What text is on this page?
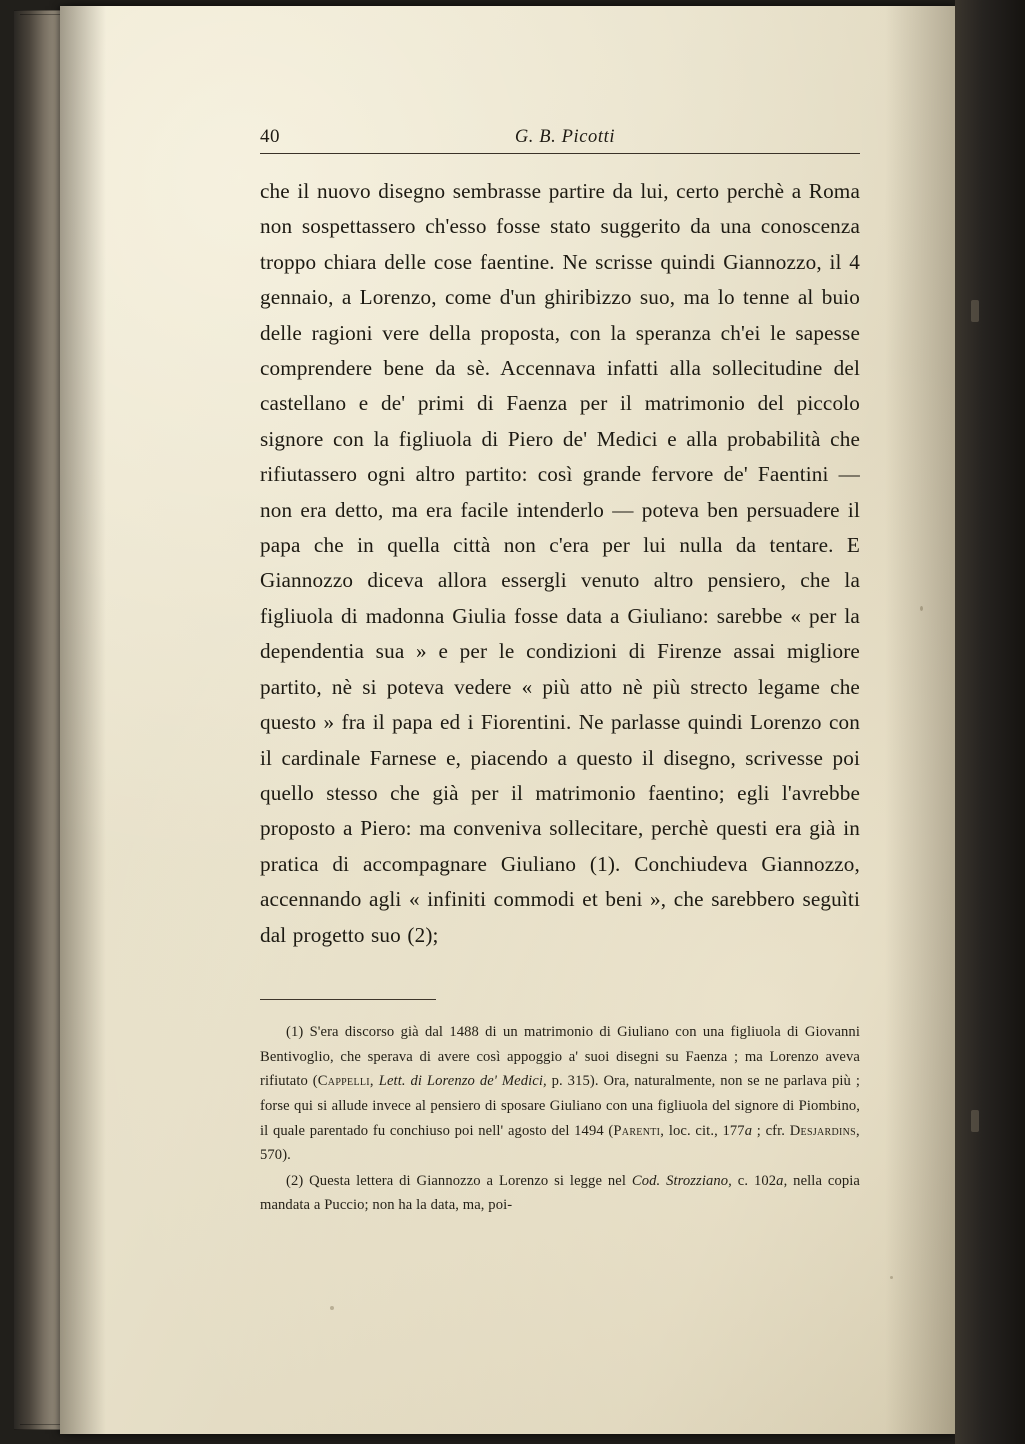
40	G. B. Picotti

che il nuovo disegno sembrasse partire da lui, certo perchè a Roma non sospettassero ch'esso fosse stato suggerito da una conoscenza troppo chiara delle cose faentine. Ne scrisse quindi Giannozzo, il 4 gennaio, a Lorenzo, come d'un ghiribizzo suo, ma lo tenne al buio delle ragioni vere della proposta, con la speranza ch'ei le sapesse comprendere bene da sè. Accennava infatti alla sollecitudine del castellano e de' primi di Faenza per il matrimonio del piccolo signore con la figliuola di Piero de' Medici e alla probabilità che rifiutassero ogni altro partito: così grande fervore de' Faentini — non era detto, ma era facile intenderlo — poteva ben persuadere il papa che in quella città non c'era per lui nulla da tentare. E Giannozzo diceva allora essergli venuto altro pensiero, che la figliuola di madonna Giulia fosse data a Giuliano: sarebbe « per la dependentia sua » e per le condizioni di Firenze assai migliore partito, nè si poteva vedere « più atto nè più strecto legame che questo » fra il papa ed i Fiorentini. Ne parlasse quindi Lorenzo con il cardinale Farnese e, piacendo a questo il disegno, scrivesse poi quello stesso che già per il matrimonio faentino; egli l'avrebbe proposto a Piero: ma conveniva sollecitare, perchè questi era già in pratica di accompagnare Giuliano (1). Conchiudeva Giannozzo, accennando agli « infiniti commodi et beni », che sarebbero seguìti dal progetto suo (2);

(1) S'era discorso già dal 1488 di un matrimonio di Giuliano con una figliuola di Giovanni Bentivoglio, che sperava di avere così appoggio a' suoi disegni su Faenza ; ma Lorenzo aveva rifiutato (Cappelli, Lett. di Lorenzo de' Medici, p. 315). Ora, naturalmente, non se ne parlava più ; forse qui si allude invece al pensiero di sposare Giuliano con una figliuola del signore di Piombino, il quale parentado fu conchiuso poi nell' agosto del 1494 (Parenti, loc. cit., 177a ; cfr. Desjardins, 570).

(2) Questa lettera di Giannozzo a Lorenzo si legge nel Cod. Strozziano, c. 102a, nella copia mandata a Puccio; non ha la data, ma, poi-
